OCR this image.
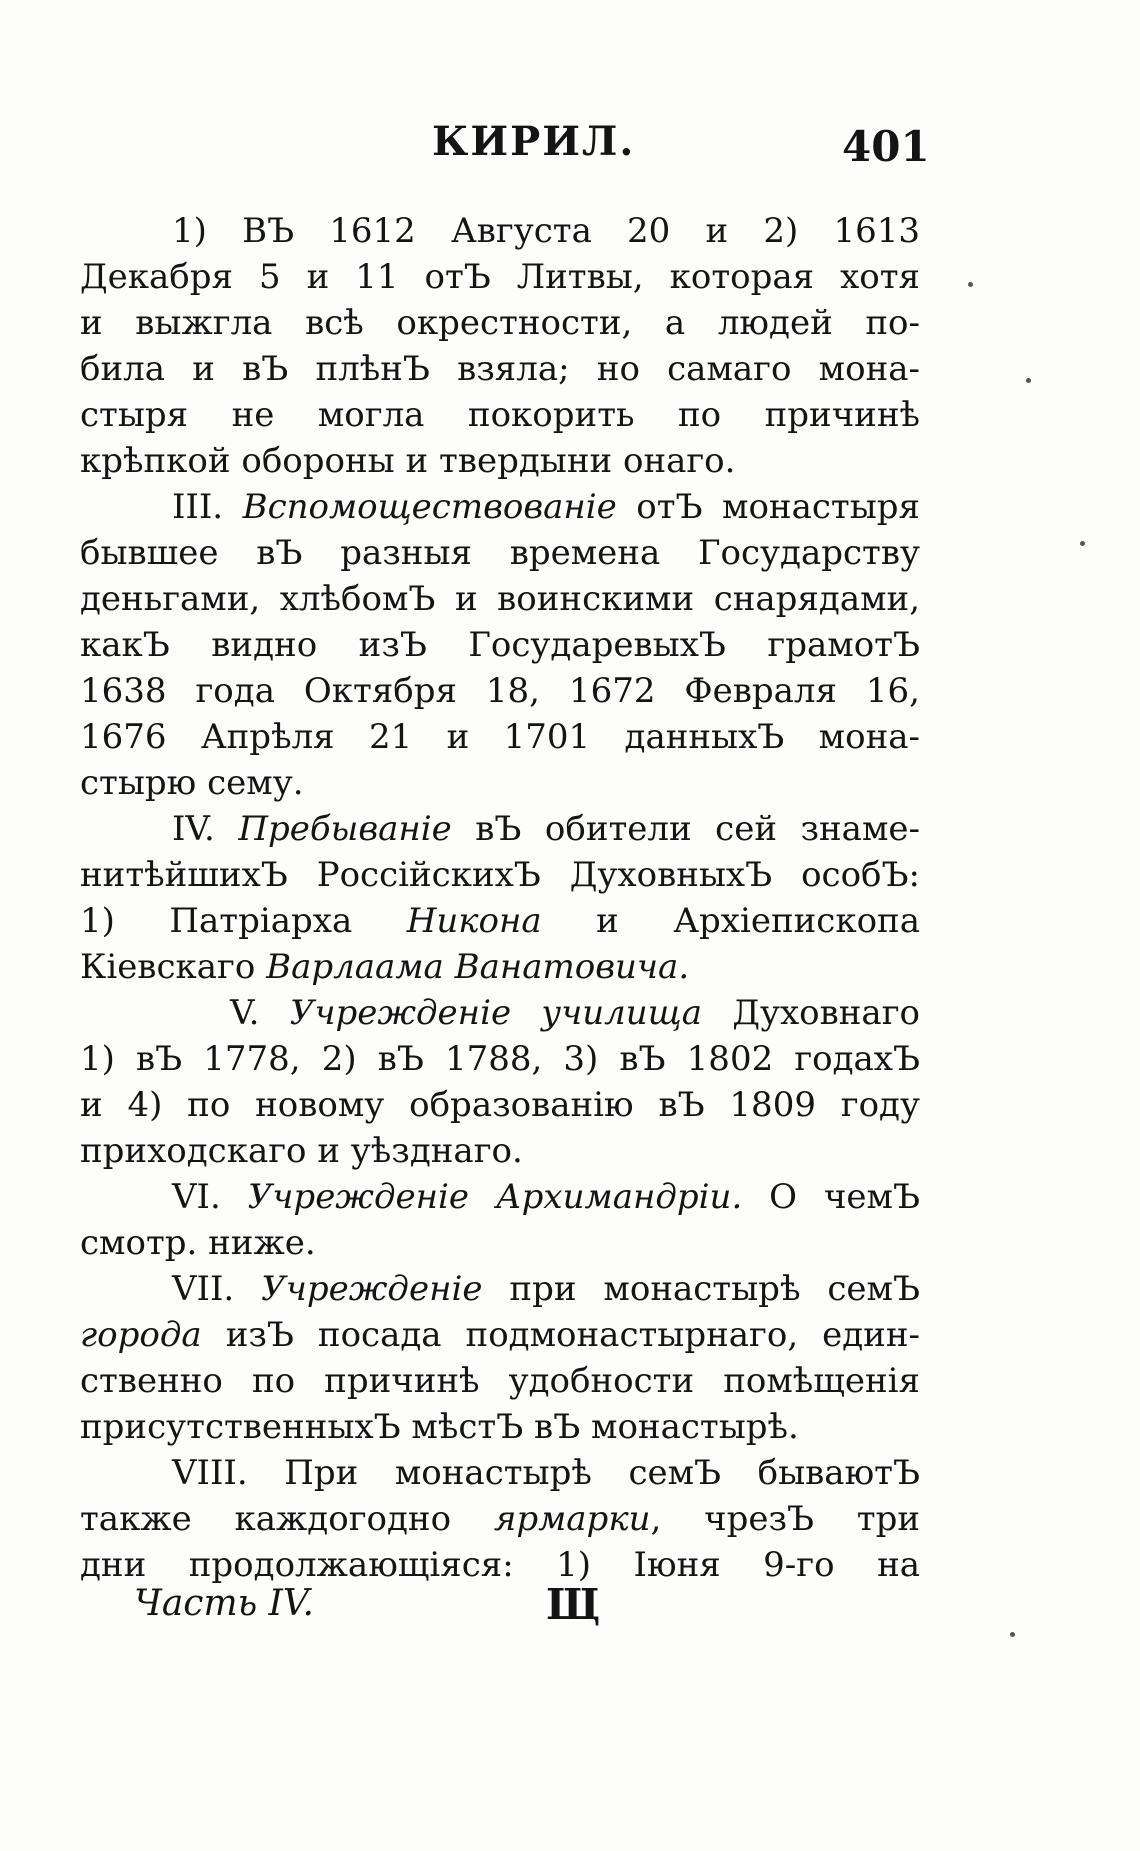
КИРИЛ.	401
1) ВЪ 1612 Августа 20 и 2) 1613
Декабря 5 и 11 отЪ Литвы, которая хотя
и выжгла всѣ окрестности, а людей по-
била и вЪ плѣнЪ взяла; но самаго мона-
стыря не могла покорить по причинѣ
крѣпкой обороны и твердыни онаго.
III. Вспомоществованіе отЪ монастыря
бывшее вЪ разныя времена Государству
деньгами, хлѣбомЪ и воинскими снарядами,
какЪ видно изЪ ГосударевыхЪ грамотЪ
1638 года Октября 18, 1672 Февраля 16,
1676 Апрѣля 21 и 1701 данныхЪ мона-
стырю сему.
IV. Пребываніе вЪ обители сей знаме-
нитѣйшихЪ РоссійскихЪ ДуховныхЪ особЪ:
1) Патріарха Никона и Архіепископа
Кіевскаго Варлаама Ванатовича.
V. Учрежденіе училища Духовнаго
1) вЪ 1778, 2) вЪ 1788, 3) вЪ 1802 годахЪ
и 4) по новому образованію вЪ 1809 году
приходскаго и уѣзднаго.
VI. Учрежденіе Архимандріи. О чемЪ
смотр. ниже.
VII. Учрежденіе при монастырѣ семЪ
города изЪ посада подмонастырнаго, един-
ственно по причинѣ удобности помѣщенія
присутственныхЪ мѣстЪ вЪ монастырѣ.
VIII. При монастырѣ семЪ бываютЪ
также каждогодно ярмарки, чрезЪ три
дни продолжающіяся: 1) Іюня 9-го на
Часть IV.	Щ
